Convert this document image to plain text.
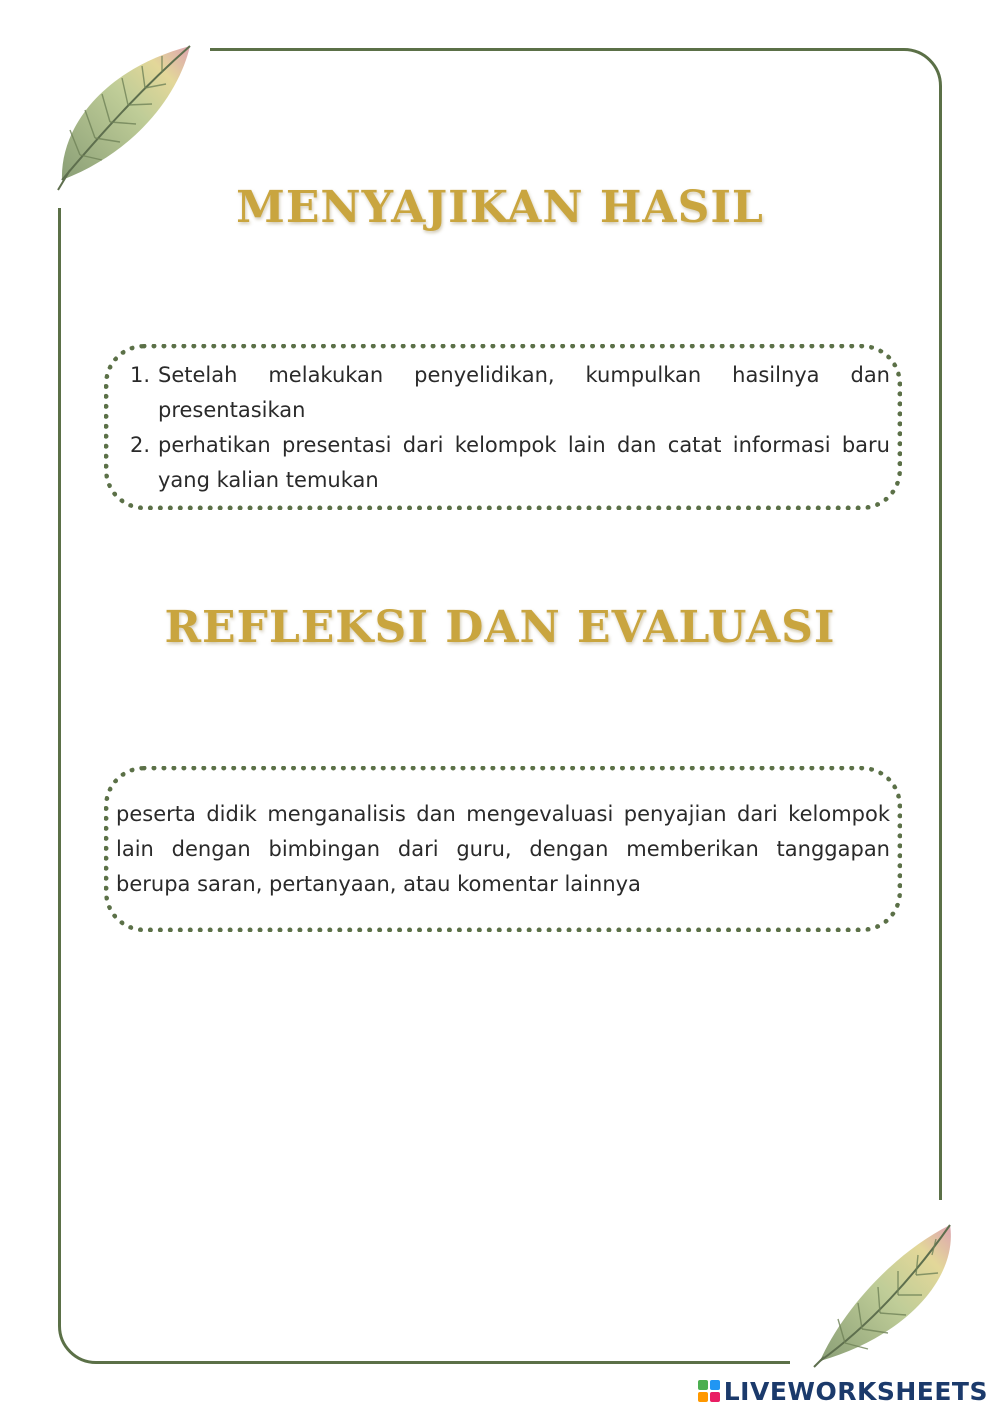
MENYAJIKAN HASIL
1. Setelah melakukan penyelidikan, kumpulkan hasilnya dan presentasikan
2. perhatikan presentasi dari kelompok lain dan catat informasi baru yang kalian temukan
REFLEKSI DAN EVALUASI

peserta didik menganalisis dan mengevaluasi penyajian dari kelompok lain dengan bimbingan dari guru, dengan memberikan tanggapan berupa saran, pertanyaan, atau komentar lainnya

LIVEWORKSHEETS
